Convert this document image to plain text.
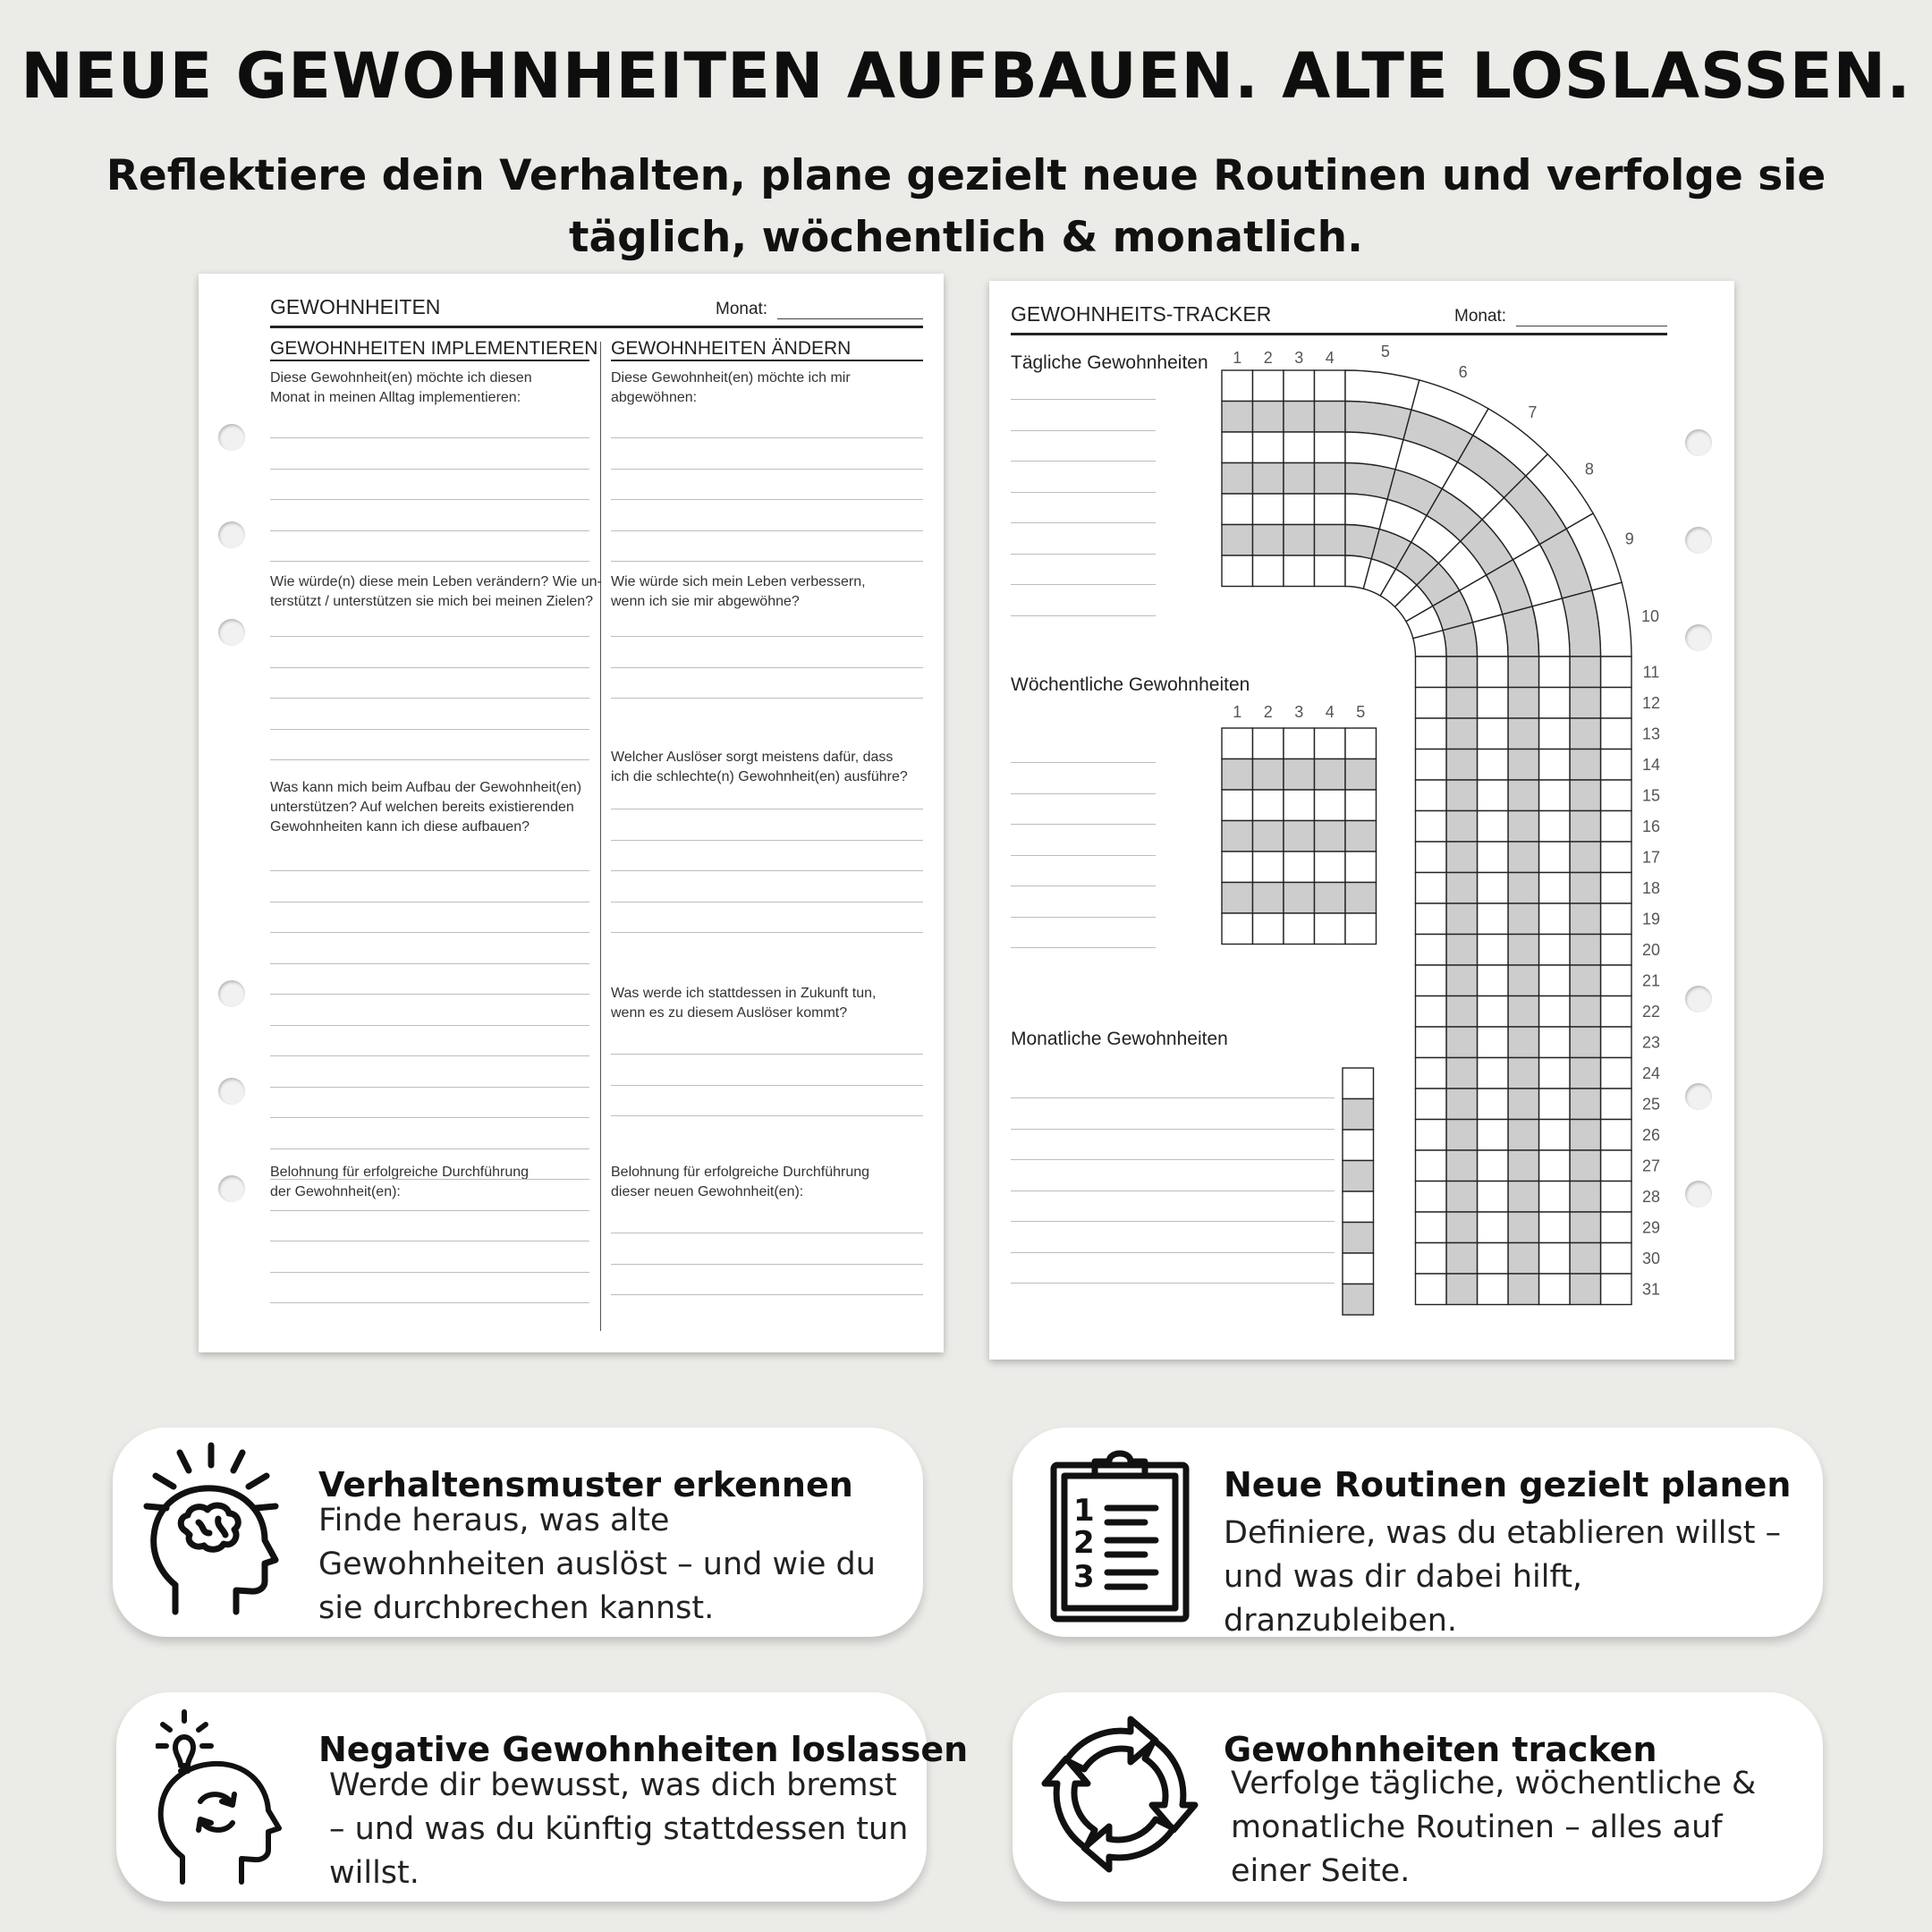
NEUE GEWOHNHEITEN AUFBAUEN. ALTE LOSLASSEN.
Reflektiere dein Verhalten, plane gezielt neue Routinen und verfolge sie täglich, wöchentlich & monatlich.
GEWOHNHEITEN	Monat:
GEWOHNHEITEN IMPLEMENTIEREN GEWOHNHEITEN ÄNDERN
Diese Gewohnheit(en) möchte ich diesen
Monat in meinen Alltag implementieren:
Wie würde(n) diese mein Leben verändern? Wie un-
terstützt / unterstützen sie mich bei meinen Zielen?
Was kann mich beim Aufbau der Gewohnheit(en)
unterstützen? Auf welchen bereits existierenden
Gewohnheiten kann ich diese aufbauen?
Belohnung für erfolgreiche Durchführung
der Gewohnheit(en):
Diese Gewohnheit(en) möchte ich mir
abgewöhnen:
Wie würde sich mein Leben verbessern,
wenn ich sie mir abgewöhne?
Welcher Auslöser sorgt meistens dafür, dass
ich die schlechte(n) Gewohnheit(en) ausführe?
Was werde ich stattdessen in Zukunft tun,
wenn es zu diesem Auslöser kommt?
Belohnung für erfolgreiche Durchführung
dieser neuen Gewohnheit(en):
GEWOHNHEITS-TRACKER	Monat:
Tägliche Gewohnheiten
Wöchentliche Gewohnheiten
Monatliche Gewohnheiten
1 2 3 4	5
6
7
8
9
10
11
12
13
14
15
16
17
18
19
20
21
22
23
24
25
26
27
28
29
30
31
1 2 3 4 5
Verhaltensmuster erkennen
Finde heraus, was alte Gewohnheiten auslöst – und wie du sie durchbrechen kannst.
1
2
3
Neue Routinen gezielt planen
Definiere, was du etablieren willst – und was dir dabei hilft, dranzubleiben.
Negative Gewohnheiten loslassen
Werde dir bewusst, was dich bremst – und was du künftig stattdessen tun willst.
Gewohnheiten tracken
Verfolge tägliche, wöchentliche & monatliche Routinen – alles auf einer Seite.
